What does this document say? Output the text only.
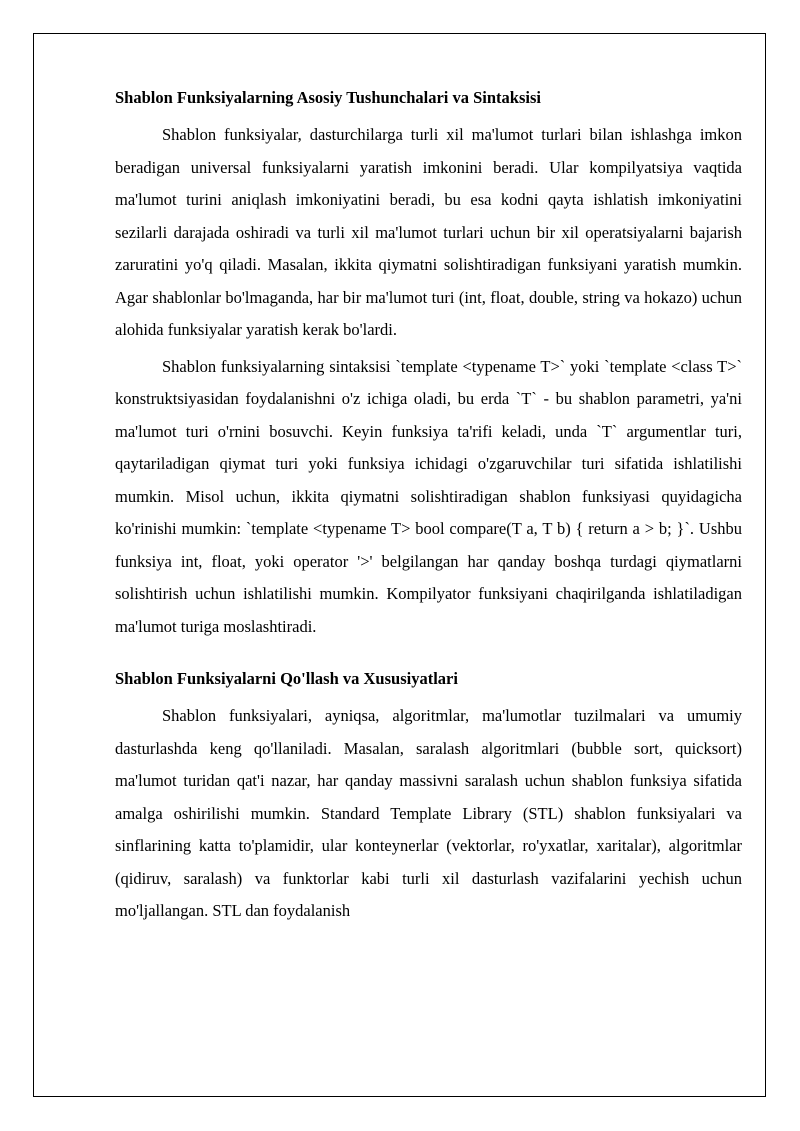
Shablon Funksiyalarning Asosiy Tushunchalari va Sintaksisi

Shablon funksiyalar, dasturchilarga turli xil ma'lumot turlari bilan ishlashga imkon beradigan universal funksiyalarni yaratish imkonini beradi. Ular kompilyatsiya vaqtida ma'lumot turini aniqlash imkoniyatini beradi, bu esa kodni qayta ishlatish imkoniyatini sezilarli darajada oshiradi va turli xil ma'lumot turlari uchun bir xil operatsiyalarni bajarish zaruratini yo'q qiladi. Masalan, ikkita qiymatni solishtiradigan funksiyani yaratish mumkin. Agar shablonlar bo'lmaganda, har bir ma'lumot turi (int, float, double, string va hokazo) uchun alohida funksiyalar yaratish kerak bo'lardi.

Shablon funksiyalarning sintaksisi `template <typename T>` yoki `template <class T>` konstruktsiyasidan foydalanishni o'z ichiga oladi, bu erda `T` - bu shablon parametri, ya'ni ma'lumot turi o'rnini bosuvchi. Keyin funksiya ta'rifi keladi, unda `T` argumentlar turi, qaytariladigan qiymat turi yoki funksiya ichidagi o'zgaruvchilar turi sifatida ishlatilishi mumkin. Misol uchun, ikkita qiymatni solishtiradigan shablon funksiyasi quyidagicha ko'rinishi mumkin: `template <typename T> bool compare(T a, T b) { return a > b; }`. Ushbu funksiya int, float, yoki operator '>' belgilangan har qanday boshqa turdagi qiymatlarni solishtirish uchun ishlatilishi mumkin. Kompilyator funksiyani chaqirilganda ishlatiladigan ma'lumot turiga moslashtiradi.

Shablon Funksiyalarni Qo'llash va Xususiyatlari

Shablon funksiyalari, ayniqsa, algoritmlar, ma'lumotlar tuzilmalari va umumiy dasturlashda keng qo'llaniladi. Masalan, saralash algoritmlari (bubble sort, quicksort) ma'lumot turidan qat'i nazar, har qanday massivni saralash uchun shablon funksiya sifatida amalga oshirilishi mumkin. Standard Template Library (STL) shablon funksiyalari va sinflarining katta to'plamidir, ular konteynerlar (vektorlar, ro'yxatlar, xaritalar), algoritmlar (qidiruv, saralash) va funktorlar kabi turli xil dasturlash vazifalarini yechish uchun mo'ljallangan. STL dan foydalanish
